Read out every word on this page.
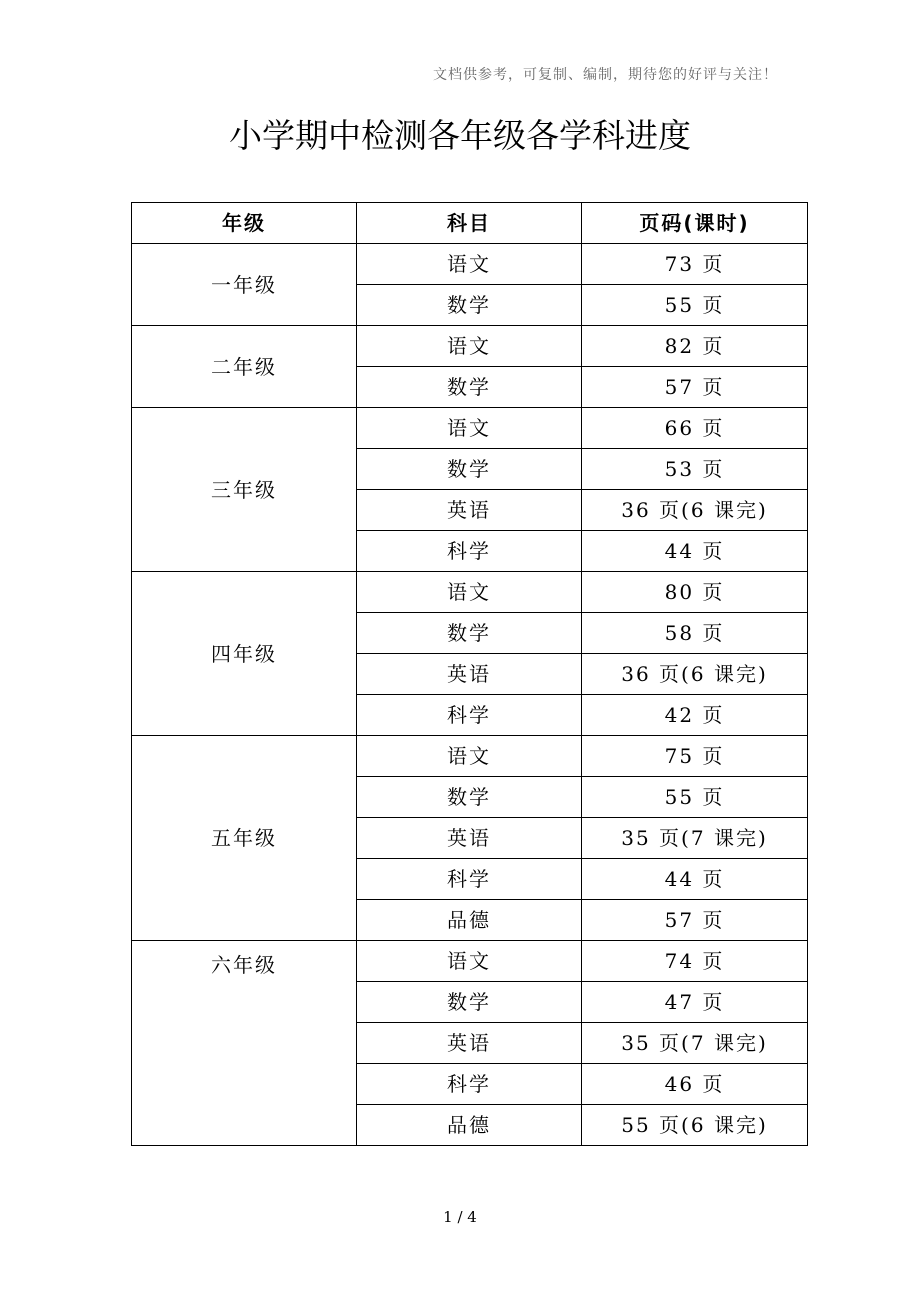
文档供参考，可复制、编制，期待您的好评与关注！
小学期中检测各年级各学科进度
年级	科目	页码(课时)
一年级	语文	73 页
	数学	55 页
二年级	语文	82 页
	数学	57 页
三年级	语文	66 页
	数学	53 页
	英语	36 页(6 课完)
	科学	44 页
四年级	语文	80 页
	数学	58 页
	英语	36 页(6 课完)
	科学	42 页
五年级	语文	75 页
	数学	55 页
	英语	35 页(7 课完)
	科学	44 页
	品德	57 页
六年级	语文	74 页
	数学	47 页
	英语	35 页(7 课完)
	科学	46 页
	品德	55 页(6 课完)
1 / 4
